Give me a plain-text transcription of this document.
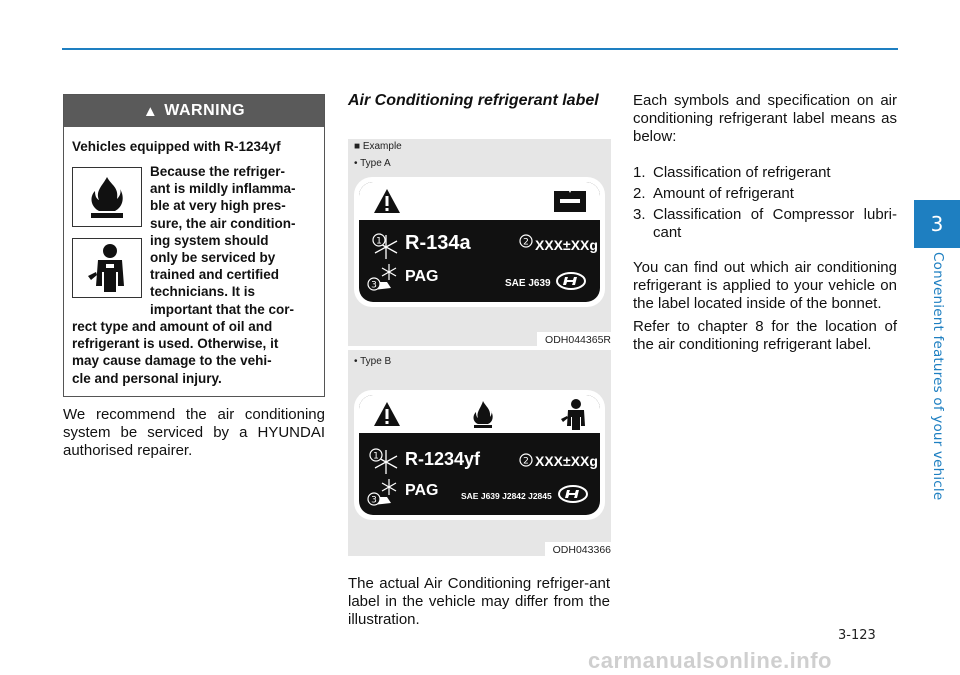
3
Convenient features of your vehicle
▲ WARNING
Vehicles equipped with R-1234yf
Because the refriger-
ant is mildly inflamma-
ble at very high pres-
sure, the air condition-
ing system should
only be serviced by
trained and certified
technicians. It is
important that the cor-
rect type and amount of oil and
refrigerant is used. Otherwise, it
may cause damage to the vehi-
cle and personal injury.
We recommend the air conditioning system be serviced by a HYUNDAI authorised repairer.
Air Conditioning refrigerant label
■ Example
• Type A
1 R-134a	2 XXX±XXg
3
PAG	SAE J639
ODH044365R
• Type B
1 R-1234yf	2 XXX±XXg
3
PAG	SAE J639 J2842 J2845
ODH043366
The actual Air Conditioning refriger-ant label in the vehicle may differ from the illustration.
Each symbols and specification on air conditioning refrigerant label means as below:
1. Classification of refrigerant
2. Amount of refrigerant
3. Classification of Compressor lubri-cant
You can find out which air conditioning refrigerant is applied to your vehicle on the label located inside of the bonnet.
Refer to chapter 8 for the location of the air conditioning refrigerant label.
3-123
carmanualsonline.info
